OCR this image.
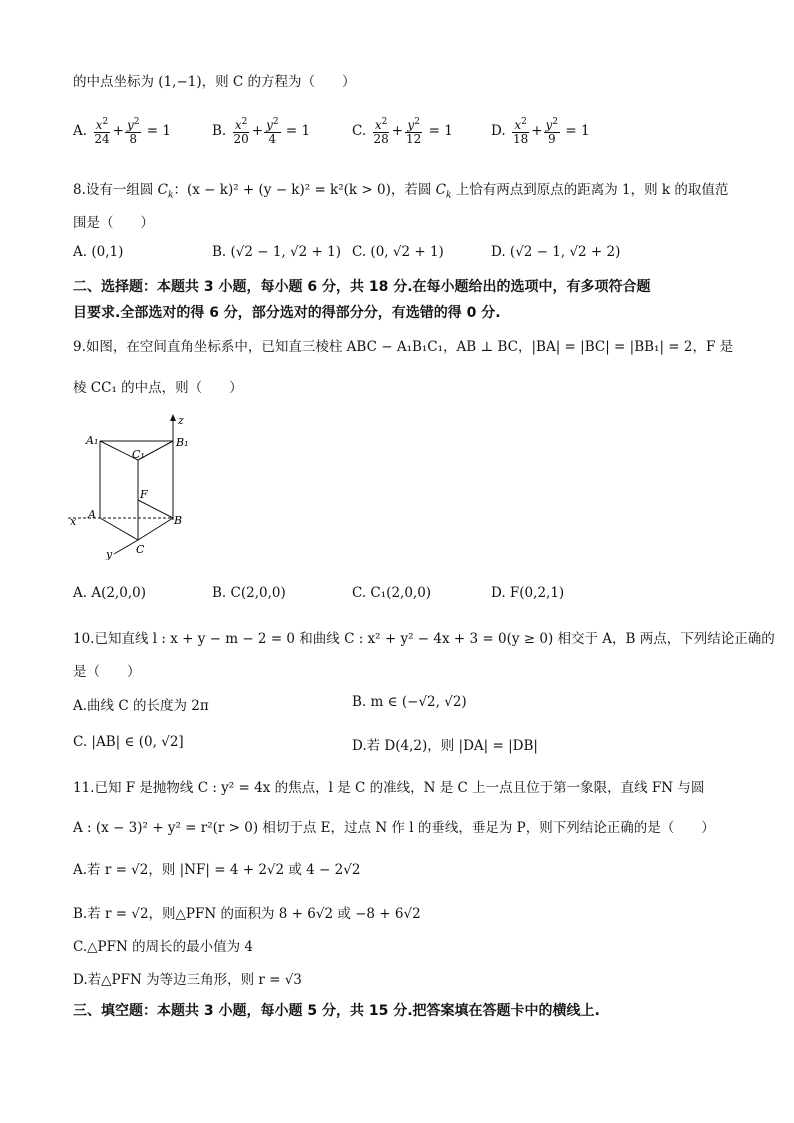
的中点坐标为 (1,−1)，则 C 的方程为（　　）
A. $\frac{x^2}{24} + \frac{y^2}{8} = 1$	B. $\frac{x^2}{20} + \frac{y^2}{4} = 1$	C. $\frac{x^2}{28} + \frac{y^2}{12} = 1$	D. $\frac{x^2}{18} + \frac{y^2}{9} = 1$
8.设有一组圆 $C_k$：(x − k)² + (y − k)² = k²(k > 0)，若圆 $C_k$ 上恰有两点到原点的距离为 1，则 k 的取值范
围是（　　）
A. (0,1)	B. (√2 − 1, √2 + 1) C. (0, √2 + 1)	D. (√2 − 1, √2 + 2)
二、选择题：本题共 3 小题，每小题 6 分，共 18 分.在每小题给出的选项中，有多项符合题
目要求.全部选对的得 6 分，部分选对的得部分分，有选错的得 0 分.
9.如图，在空间直角坐标系中，已知直三棱柱 ABC − A₁B₁C₁，AB ⊥ BC，|BA| = |BC| = |BB₁| = 2，F 是
棱 CC₁ 的中点，则（　　）
z
A₁	B₁
C₁
F
A	B
C
x
y
A. A(2,0,0)	B. C(2,0,0)	C. C₁(2,0,0)	D. F(0,2,1)
10.已知直线 l : x + y − m − 2 = 0 和曲线 C : x² + y² − 4x + 3 = 0(y ≥ 0) 相交于 A，B 两点，下列结论正确的
是（　　）
A.曲线 C 的长度为 2π	B. m ∈ (−√2, √2)
C. |AB| ∈ (0, √2]	D.若 D(4,2)，则 |DA| = |DB|
11.已知 F 是抛物线 C : y² = 4x 的焦点，l 是 C 的准线，N 是 C 上一点且位于第一象限，直线 FN 与圆
A : (x − 3)² + y² = r²(r > 0) 相切于点 E，过点 N 作 l 的垂线，垂足为 P，则下列结论正确的是（　　）
A.若 r = √2，则 |NF| = 4 + 2√2 或 4 − 2√2
B.若 r = √2，则△PFN 的面积为 8 + 6√2 或 −8 + 6√2
C.△PFN 的周长的最小值为 4
D.若△PFN 为等边三角形，则 r = √3
三、填空题：本题共 3 小题，每小题 5 分，共 15 分.把答案填在答题卡中的横线上.
